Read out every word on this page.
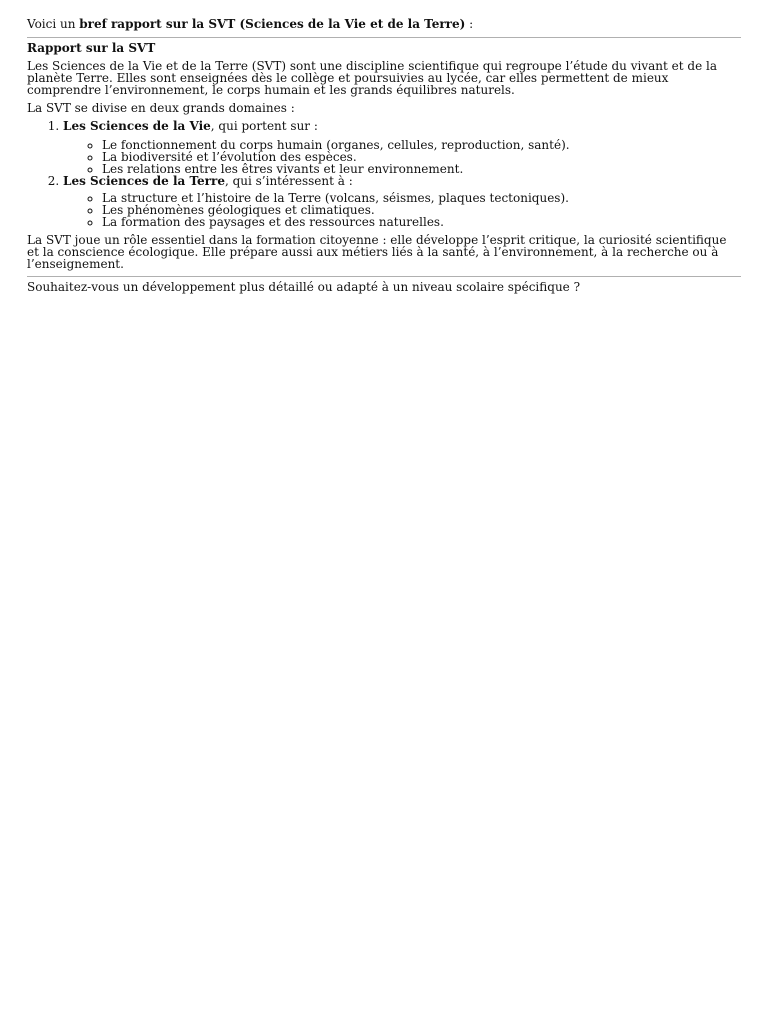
Voici un bref rapport sur la SVT (Sciences de la Vie et de la Terre) :

Rapport sur la SVT

Les Sciences de la Vie et de la Terre (SVT) sont une discipline scientifique qui regroupe l’étude du vivant et de la planète Terre. Elles sont enseignées dès le collège et poursuivies au lycée, car elles permettent de mieux comprendre l’environnement, le corps humain et les grands équilibres naturels.

La SVT se divise en deux grands domaines :

1. Les Sciences de la Vie, qui portent sur :
◦ Le fonctionnement du corps humain (organes, cellules, reproduction, santé).
◦ La biodiversité et l’évolution des espèces.
◦ Les relations entre les êtres vivants et leur environnement.
2. Les Sciences de la Terre, qui s’intéressent à :
◦ La structure et l’histoire de la Terre (volcans, séismes, plaques tectoniques).
◦ Les phénomènes géologiques et climatiques.
◦ La formation des paysages et des ressources naturelles.

La SVT joue un rôle essentiel dans la formation citoyenne : elle développe l’esprit critique, la curiosité scientifique et la conscience écologique. Elle prépare aussi aux métiers liés à la santé, à l’environnement, à la recherche ou à l’enseignement.

Souhaitez-vous un développement plus détaillé ou adapté à un niveau scolaire spécifique ?
